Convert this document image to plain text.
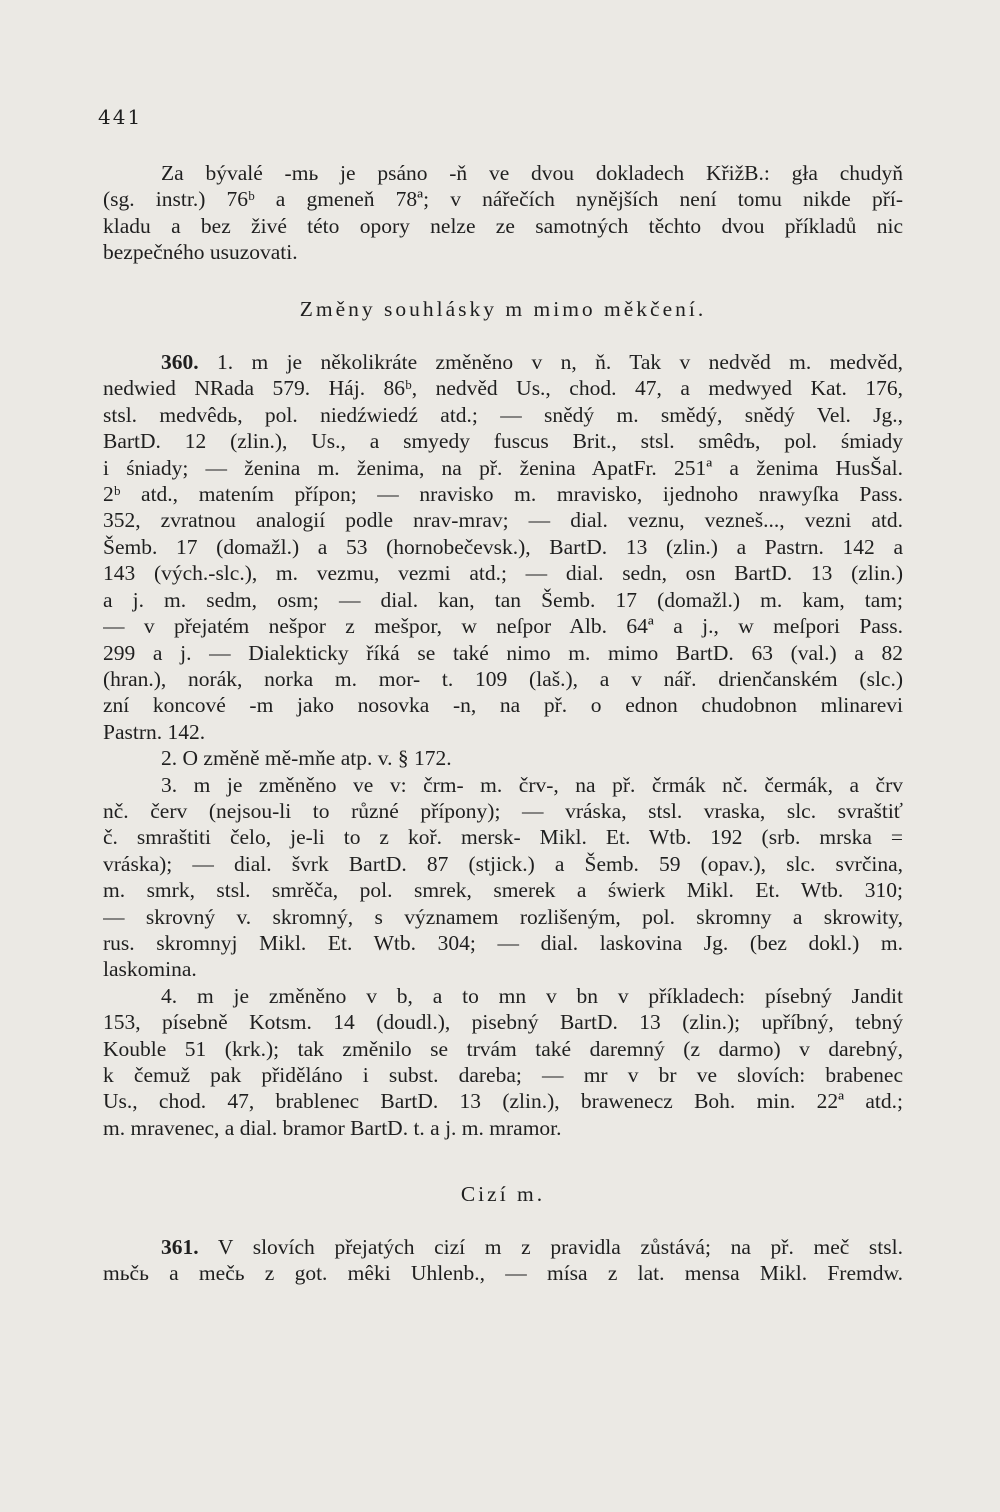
441
Za bývalé -mь je psáno -ň ve dvou dokladech KřižB.: gła chudyň
(sg. instr.) 76ᵇ a gmeneň 78ª; v nářečích nynějších není tomu nikde pří-
kladu a bez živé této opory nelze ze samotných těchto dvou příkladů nic
bezpečného usuzovati.
Změny souhlásky m mimo měkčení.
360. 1. m je několikráte změněno v n, ň. Tak v nedvěd m. medvěd,
nedwied NRada 579. Háj. 86ᵇ, nedvěd Us., chod. 47, a medwyed Kat. 176,
stsl. medvêdь, pol. niedźwiedź atd.; — snědý m. smědý, snědý Vel. Jg.,
BartD. 12 (zlin.), Us., a smyedy fuscus Brit., stsl. smêdъ, pol. śmiady
i śniady; — ženina m. ženima, na př. ženina ApatFr. 251ª a ženima HusŠal.
2ᵇ atd., matením přípon; — nravisko m. mravisko, ijednoho nrawyſka Pass.
352, zvratnou analogií podle nrav-mrav; — dial. veznu, vezneš..., vezni atd.
Šemb. 17 (domažl.) a 53 (hornobečevsk.), BartD. 13 (zlin.) a Pastrn. 142 a
143 (vých.-slc.), m. vezmu, vezmi atd.; — dial. sedn, osn BartD. 13 (zlin.)
a j. m. sedm, osm; — dial. kan, tan Šemb. 17 (domažl.) m. kam, tam;
— v přejatém nešpor z mešpor, w neſpor Alb. 64ª a j., w meſpori Pass.
299 a j. — Dialekticky říká se také nimo m. mimo BartD. 63 (val.) a 82
(hran.), norák, norka m. mor- t. 109 (laš.), a v nář. drienčanském (slc.)
zní koncové -m jako nosovka -n, na př. o ednon chudobnon mlinarevi
Pastrn. 142.
2. O změně mě-mňe atp. v. § 172.
3. m je změněno ve v: črm- m. črv-, na př. črmák nč. čermák, a črv
nč. červ (nejsou-li to různé přípony); — vráska, stsl. vraska, slc. svraštiť
č. smraštiti čelo, je-li to z koř. mersk- Mikl. Et. Wtb. 192 (srb. mrska =
vráska); — dial. švrk BartD. 87 (stjick.) a Šemb. 59 (opav.), slc. svrčina,
m. smrk, stsl. smrěča, pol. smrek, smerek a świerk Mikl. Et. Wtb. 310;
— skrovný v. skromný, s významem rozlišeným, pol. skromny a skrowity,
rus. skromnyj Mikl. Et. Wtb. 304; — dial. laskovina Jg. (bez dokl.) m.
laskomina.
4. m je změněno v b, a to mn v bn v příkladech: písebný Jandit
153, písebně Kotsm. 14 (doudl.), pisebný BartD. 13 (zlin.); upříbný, tebný
Kouble 51 (krk.); tak změnilo se trvám také daremný (z darmo) v darebný,
k čemuž pak přiděláno i subst. dareba; — mr v br ve slovích: brabenec
Us., chod. 47, brablenec BartD. 13 (zlin.), brawenecz Boh. min. 22ª atd.;
m. mravenec, a dial. bramor BartD. t. a j. m. mramor.
Cizí m.
361. V slovích přejatých cizí m z pravidla zůstává; na př. meč stsl.
mьčь a mečь z got. mêki Uhlenb., — mísa z lat. mensa Mikl. Fremdw.
